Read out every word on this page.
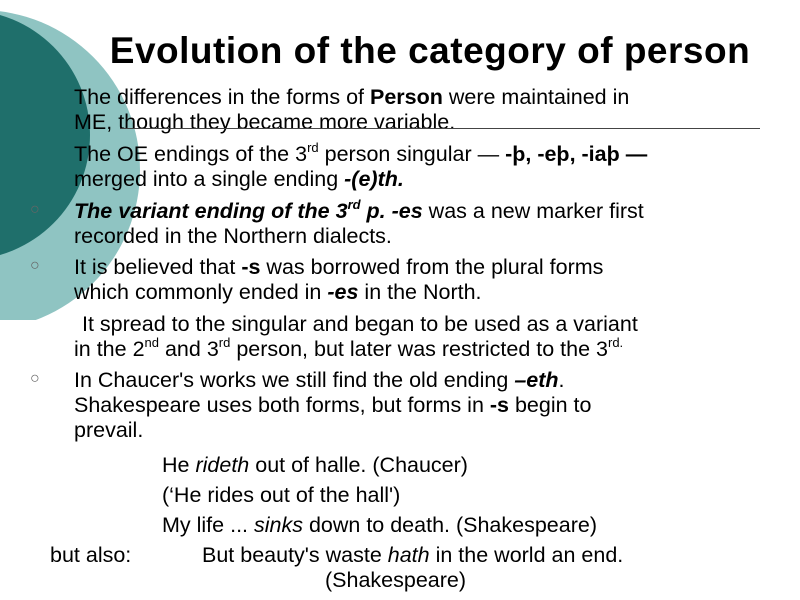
Evolution of the category of person
The differences in the forms of Person were maintained in
ME, though they became more variable.
The OE endings of the 3rd person singular — -þ, -eþ, -iaþ —
merged into a single ending -(e)th.
○ The variant ending of the 3rd p. -es was a new marker first
recorded in the Northern dialects.
○ It is believed that -s was borrowed from the plural forms
which commonly ended in -es in the North.
It spread to the singular and began to be used as a variant
in the 2nd and 3rd person, but later was restricted to the $3^{rd.}$
○ In Chaucer's works we still find the old ending –eth.
Shakespeare uses both forms, but forms in -s begin to
prevail.
He rideth out of halle. (Chaucer)
(‘He rides out of the hall')
My life ... sinks down to death. (Shakespeare)
but also:	But beauty's waste hath in the world an end.
(Shakespeare)
